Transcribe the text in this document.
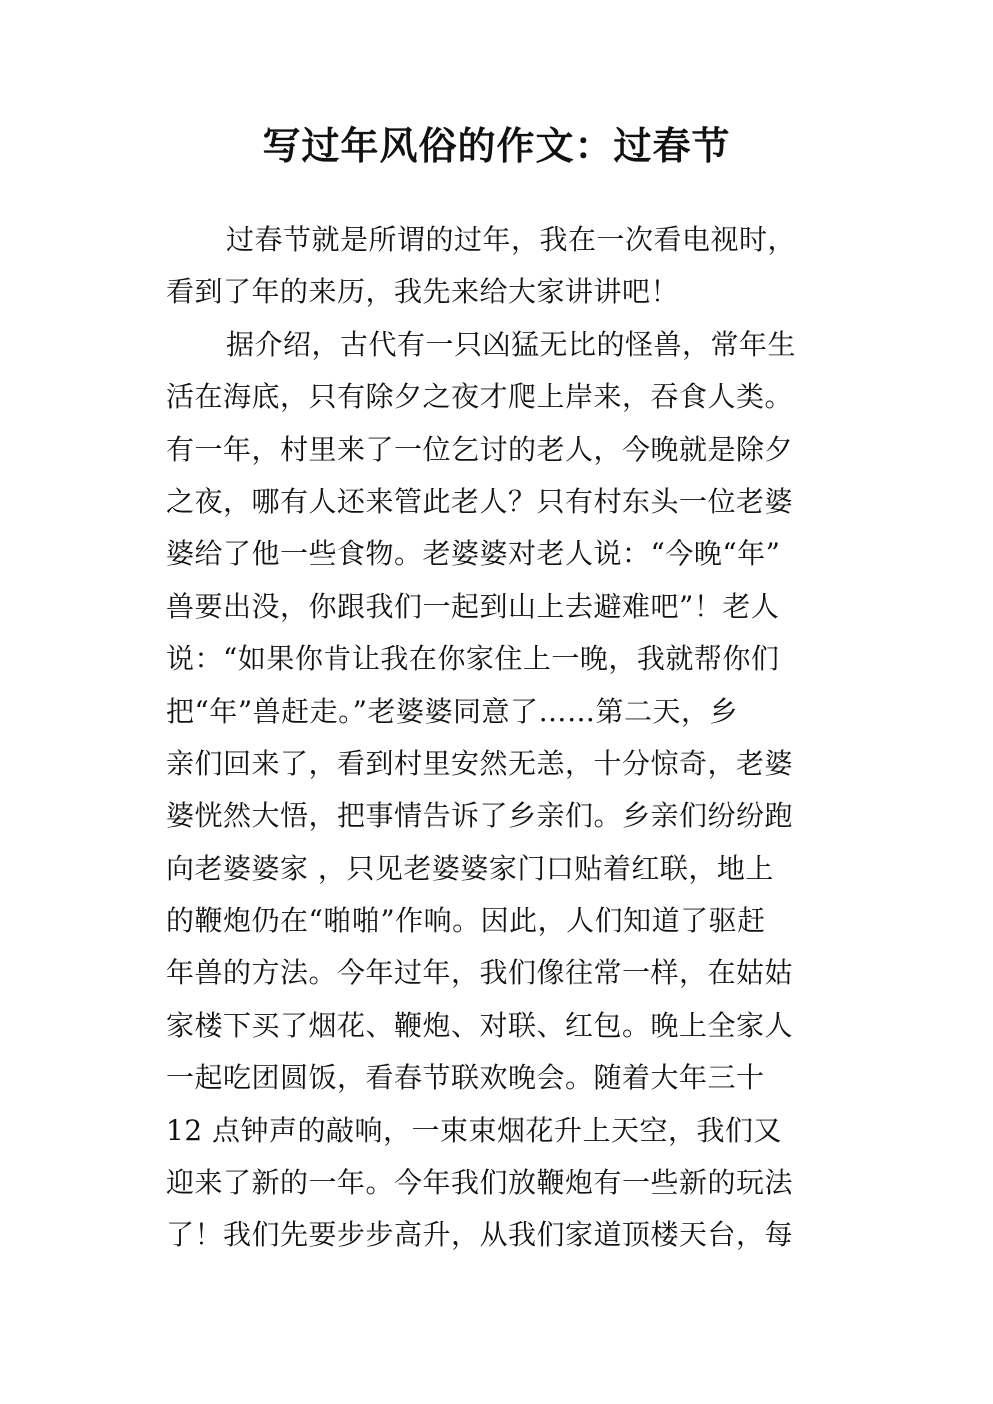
写过年风俗的作文：过春节
过春节就是所谓的过年，我在一次看电视时，
看到了年的来历，我先来给大家讲讲吧！
据介绍，古代有一只凶猛无比的怪兽，常年生
活在海底，只有除夕之夜才爬上岸来，吞食人类。
有一年，村里来了一位乞讨的老人，今晚就是除夕
之夜，哪有人还来管此老人？只有村东头一位老婆
婆给了他一些食物。老婆婆对老人说：“今晚“年”
兽要出没，你跟我们一起到山上去避难吧”！老人
说：“如果你肯让我在你家住上一晚，我就帮你们
把“年”兽赶走。”老婆婆同意了……第二天，乡
亲们回来了，看到村里安然无恙，十分惊奇，老婆
婆恍然大悟，把事情告诉了乡亲们。乡亲们纷纷跑
向老婆婆家 ，只见老婆婆家门口贴着红联，地上
的鞭炮仍在“啪啪”作响。因此，人们知道了驱赶
年兽的方法。今年过年，我们像往常一样，在姑姑
家楼下买了烟花、鞭炮、对联、红包。晚上全家人
一起吃团圆饭，看春节联欢晚会。随着大年三十
12 点钟声的敲响，一束束烟花升上天空，我们又
迎来了新的一年。今年我们放鞭炮有一些新的玩法
了！我们先要步步高升，从我们家道顶楼天台，每
